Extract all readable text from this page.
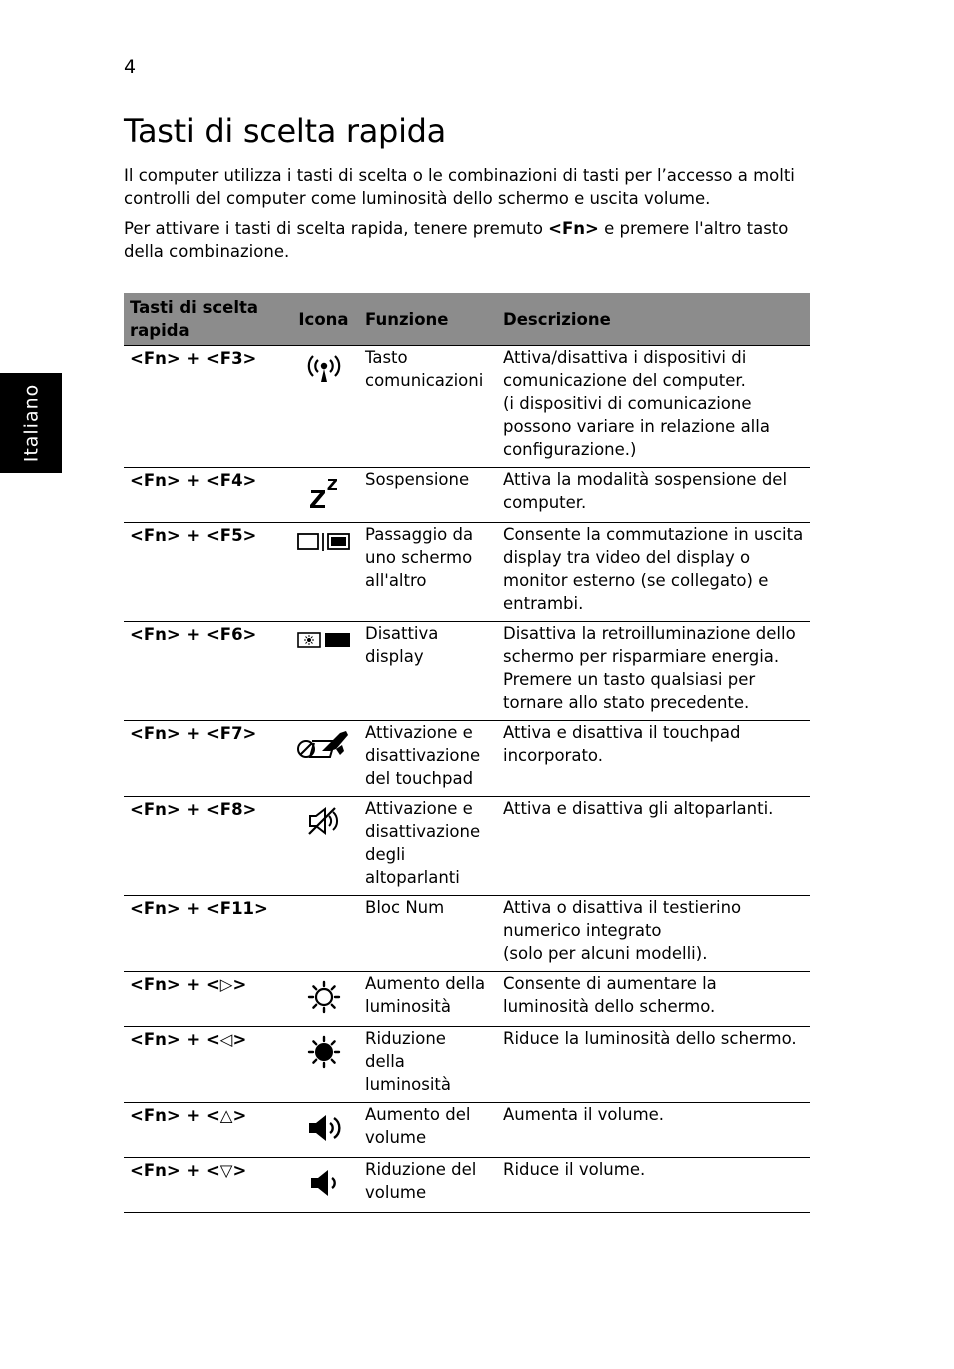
4
Italiano
Tasti di scelta rapida

Il computer utilizza i tasti di scelta o le combinazioni di tasti per l’accesso a molti controlli del computer come luminosità dello schermo e uscita volume.

Per attivare i tasti di scelta rapida, tenere premuto <Fn> e premere l'altro tasto della combinazione.

Tasti di scelta rapida	Icona	Funzione	Descrizione
<Fn> + <F3>		Tasto comunicazioni	Attiva/disattiva i dispositivi di comunicazione del computer.
(i dispositivi di comunicazione possono variare in relazione alla configurazione.)

<Fn> + <F4>		Sospensione	Attiva la modalità sospensione del computer.

<Fn> + <F5>		Passaggio da uno schermo all'altro	Consente la commutazione in uscita display tra video del display o monitor esterno (se collegato) e entrambi.

<Fn> + <F6>		Disattiva display	Disattiva la retroilluminazione dello schermo per risparmiare energia. Premere un tasto qualsiasi per tornare allo stato precedente.

<Fn> + <F7>		Attivazione e disattivazione del touchpad	Attiva e disattiva il touchpad incorporato.

<Fn> + <F8>		Attivazione e disattivazione degli altoparlanti	Attiva e disattiva gli altoparlanti.

<Fn> + <F11>		Bloc Num	Attiva o disattiva il testierino numerico integrato
(solo per alcuni modelli).

<Fn> + <▷>		Aumento della luminosità	Consente di aumentare la luminosità dello schermo.

<Fn> + <◁>		Riduzione della luminosità	Riduce la luminosità dello schermo.

<Fn> + <△>		Aumento del volume	Aumenta il volume.

<Fn> + <▽>		Riduzione del volume	Riduce il volume.
